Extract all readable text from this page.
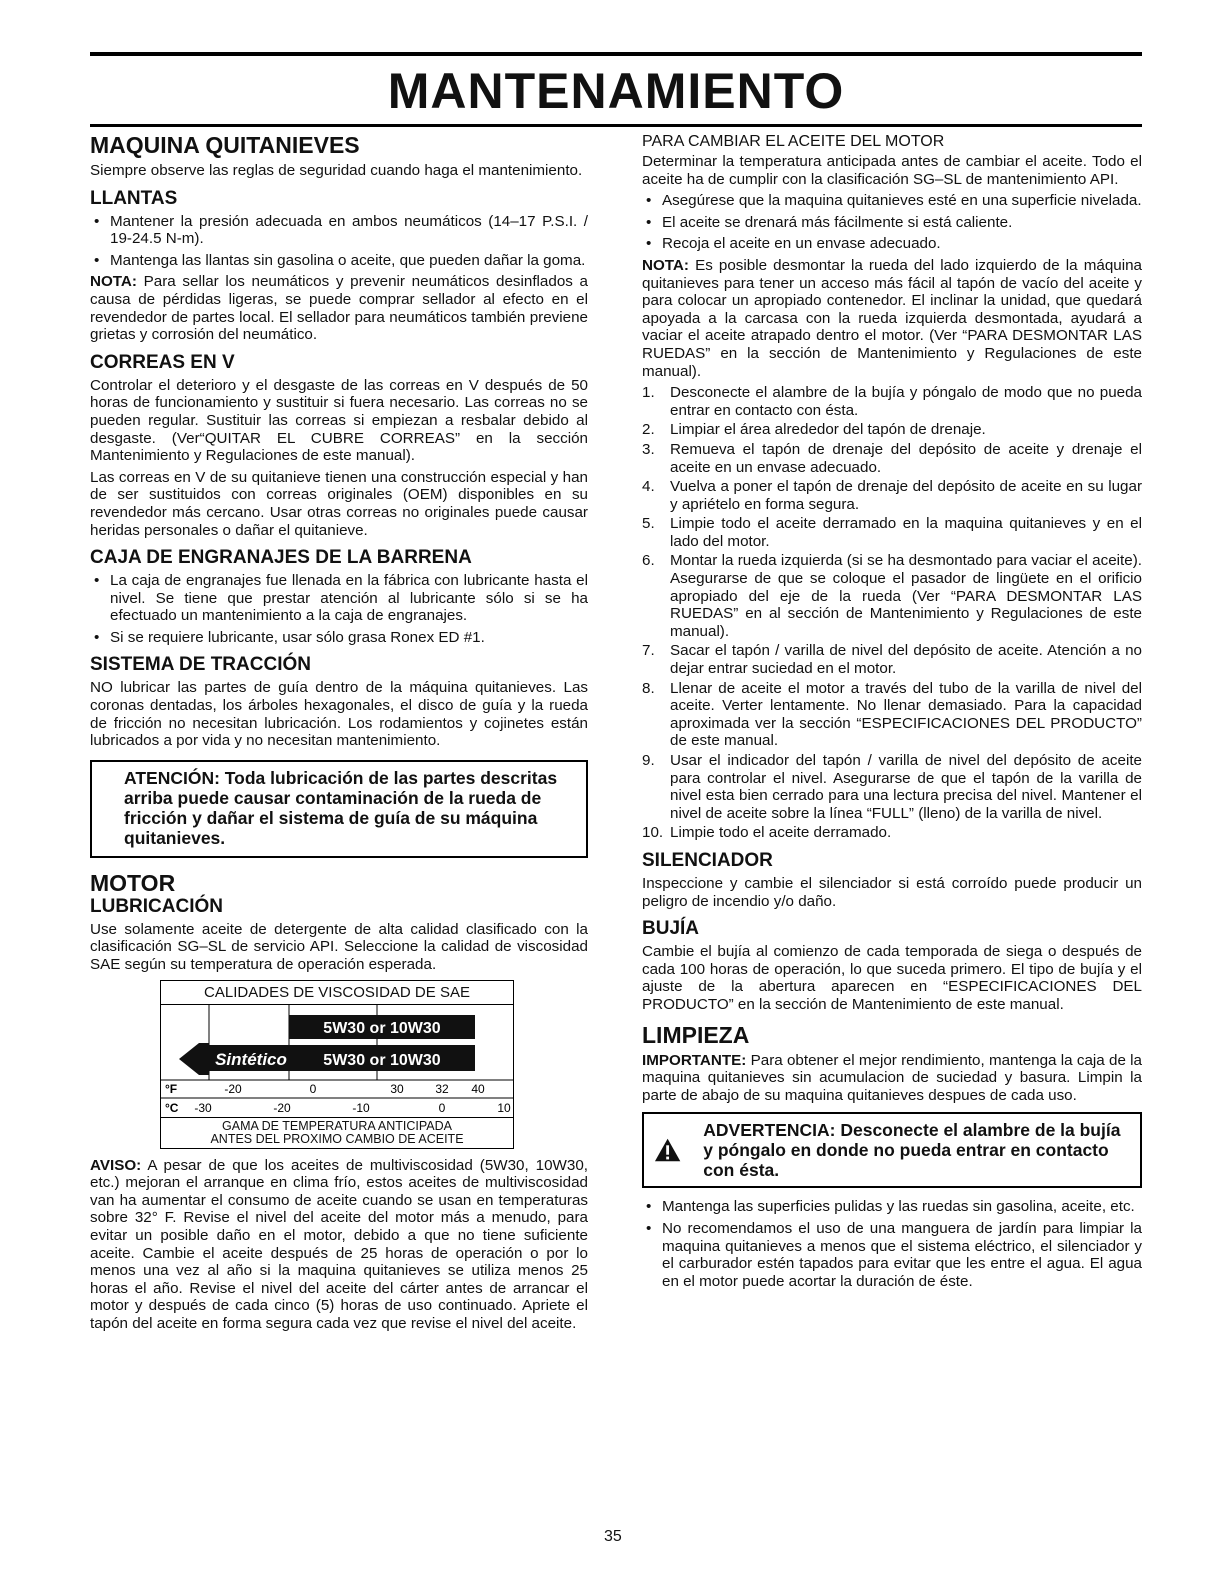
MANTENAMIENTO
MAQUINA QUITANIEVES

Siempre observe las reglas de seguridad cuando haga el mantenimiento.

LLANTAS
• Mantener la presión adecuada en ambos neumáticos (14–17 P.S.I. / 19-24.5 N-m).
• Mantenga las llantas sin gasolina o aceite, que pueden dañar la goma.

NOTA: Para sellar los neumáticos y prevenir neumáticos desinflados a causa de pérdidas ligeras, se puede comprar sellador al efecto en el revendedor de partes local. El sellador para neumáticos también previene grietas y corrosión del neumático.

CORREAS EN V

Controlar el deterioro y el desgaste de las correas en V después de 50 horas de funcionamiento y sustituir si fuera necesario. Las correas no se pueden regular. Sustituir las correas si empiezan a resbalar debido al desgaste. (Ver“QUITAR EL CUBRE CORREAS” en la sección Mantenimiento y Regulaciones de este manual).

Las correas en V de su quitanieve tienen una construcción especial y han de ser sustituidos con correas originales (OEM) disponibles en su revendedor más cercano. Usar otras correas no originales puede causar heridas personales o dañar el quitanieve.

CAJA DE ENGRANAJES DE LA BARRENA
• La caja de engranajes fue llenada en la fábrica con lubricante hasta el nivel. Se tiene que prestar atención al lubricante sólo si se ha efectuado un mantenimiento a la caja de engranajes.
• Si se requiere lubricante, usar sólo grasa Ronex ED #1.
SISTEMA DE TRACCIÓN

NO lubricar las partes de guía dentro de la máquina quitanieves. Las coronas dentadas, los árboles hexagonales, el disco de guía y la rueda de fricción no necesitan lubricación. Los rodamientos y cojinetes están lubricados a por vida y no necesitan mantenimiento.

ATENCIÓN: Toda lubricación de las partes descritas arriba puede causar contaminación de la rueda de fricción y dañar el sistema de guía de su máquina quitanieves.
MOTOR
LUBRICACIÓN

Use solamente aceite de detergente de alta calidad clasificado con la clasificación SG–SL de servicio API. Seleccione la calidad de viscosidad SAE según su temperatura de operación esperada.

CALIDADES DE VISCOSIDAD DE SAE
5W30 or 10W30
Sintético 5W30 or 10W30
°F	-20	0	30	32 40
°C -30	-20	-10	0	10
GAMA DE TEMPERATURA ANTICIPADA
ANTES DEL PROXIMO CAMBIO DE ACEITE

AVISO: A pesar de que los aceites de multiviscosidad (5W30, 10W30, etc.) mejoran el arranque en clima frío, estos aceites de multiviscosidad van ha aumentar el consumo de aceite cuando se usan en temperaturas sobre 32° F. Revise el nivel del aceite del motor más a menudo, para evitar un posible daño en el motor, debido a que no tiene suficiente aceite. Cambie el aceite después de 25 horas de operación o por lo menos una vez al año si la maquina quitanieves se utiliza menos 25 horas el año. Revise el nivel del aceite del cárter antes de arrancar el motor y después de cada cinco (5) horas de uso continuado. Apriete el tapón del aceite en forma segura cada vez que revise el nivel del aceite.

PARA CAMBIAR EL ACEITE DEL MOTOR

Determinar la temperatura anticipada antes de cambiar el aceite. Todo el aceite ha de cumplir con la clasificación SG–SL de mantenimiento API.

• Asegúrese que la maquina quitanieves esté en una superficie nivelada.
• El aceite se drenará más fácilmente si está caliente.
• Recoja el aceite en un envase adecuado.

NOTA: Es posible desmontar la rueda del lado izquierdo de la máquina quitanieves para tener un acceso más fácil al tapón de vacío del aceite y para colocar un apropiado contenedor. El inclinar la unidad, que quedará apoyada a la carcasa con la rueda izquierda desmontada, ayudará a vaciar el aceite atrapado dentro el motor. (Ver “PARA DESMONTAR LAS RUEDAS” en la sección de Mantenimiento y Regulaciones de este manual).

1. Desconecte el alambre de la bujía y póngalo de modo que no pueda entrar en contacto con ésta.
2. Limpiar el área alrededor del tapón de drenaje.
3. Remueva el tapón de drenaje del depósito de aceite y drenaje el aceite en un envase adecuado.
4. Vuelva a poner el tapón de drenaje del depósito de aceite en su lugar y apriételo en forma segura.
5. Limpie todo el aceite derramado en la maquina quitanieves y en el lado del motor.
6. Montar la rueda izquierda (si se ha desmontado para vaciar el aceite). Asegurarse de que se coloque el pasador de lingüete en el orificio apropiado del eje de la rueda (Ver “PARA DESMONTAR LAS RUEDAS” en al sección de Mantenimiento y Regulaciones de este manual).
7. Sacar el tapón / varilla de nivel del depósito de aceite. Atención a no dejar entrar suciedad en el motor.
8. Llenar de aceite el motor a través del tubo de la varilla de nivel del aceite. Verter lentamente. No llenar demasiado. Para la capacidad aproximada ver la sección “ESPECIFICACIONES DEL PRODUCTO” de este manual.
9. Usar el indicador del tapón / varilla de nivel del depósito de aceite para controlar el nivel. Asegurarse de que el tapón de la varilla de nivel esta bien cerrado para una lectura precisa del nivel. Mantener el nivel de aceite sobre la línea “FULL” (lleno) de la varilla de nivel.
10. Limpie todo el aceite derramado.
SILENCIADOR

Inspeccione y cambie el silenciador si está corroído puede producir un peligro de incendio y/o daño.

BUJÍA

Cambie el bujía al comienzo de cada temporada de siega o después de cada 100 horas de operación, lo que suceda primero. El tipo de bujía y el ajuste de la abertura aparecen en “ESPECIFICACIONES DEL PRODUCTO” en la sección de Mantenimiento de este manual.

LIMPIEZA

IMPORTANTE: Para obtener el mejor rendimiento, mantenga la caja de la maquina quitanieves sin acumulacion de suciedad y basura. Limpin la parte de abajo de su maquina quitanieves despues de cada uso.

ADVERTENCIA: Desconecte el alambre de la bujía y póngalo en donde no pueda entrar en contacto con ésta.
• Mantenga las superficies pulidas y las ruedas sin gasolina, aceite, etc.
• No recomendamos el uso de una manguera de jardín para limpiar la maquina quitanieves a menos que el sistema eléctrico, el silenciador y el carburador estén tapados para evitar que les entre el agua. El agua en el motor puede acortar la duración de éste.
35
